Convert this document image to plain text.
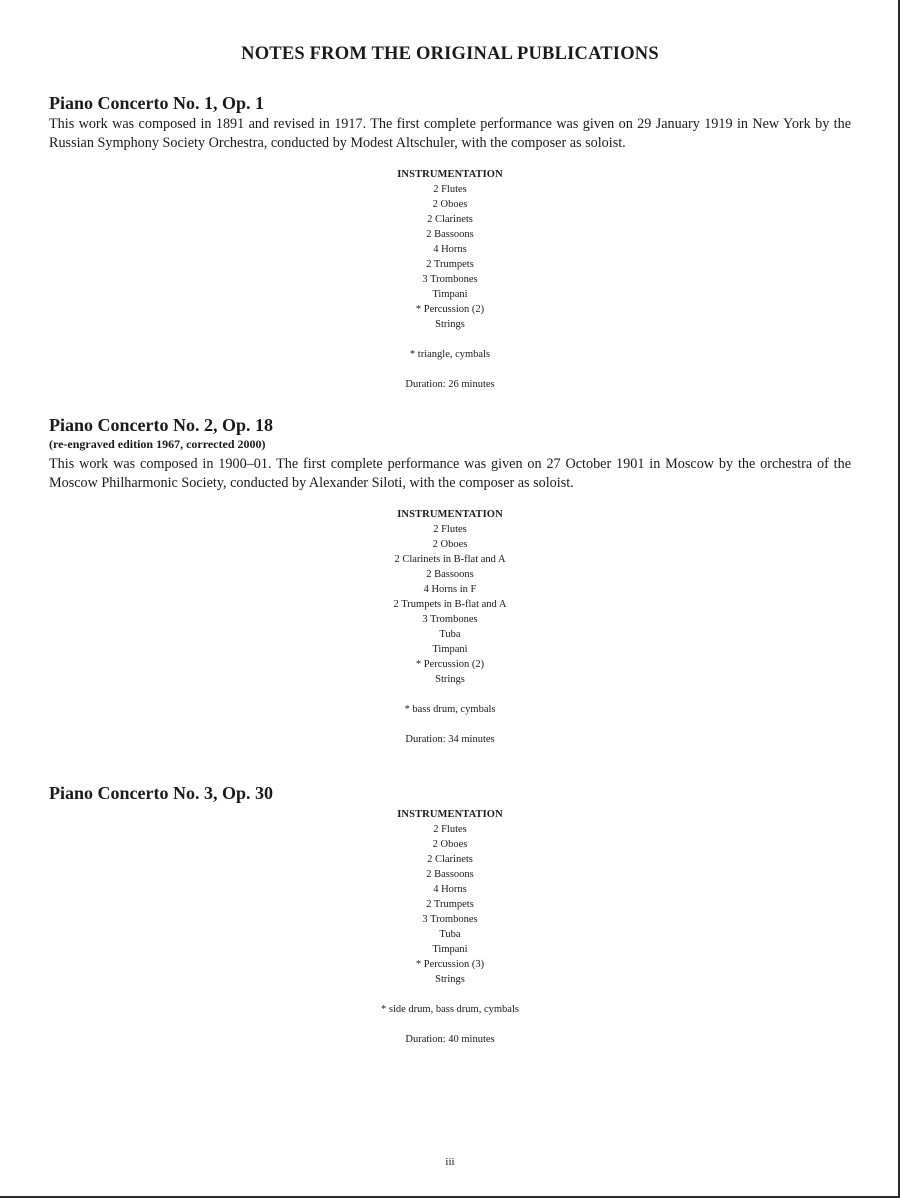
NOTES FROM THE ORIGINAL PUBLICATIONS
Piano Concerto No. 1, Op. 1
This work was composed in 1891 and revised in 1917. The first complete performance was given on 29 January 1919 in New York by the Russian Symphony Society Orchestra, conducted by Modest Altschuler, with the composer as soloist.
INSTRUMENTATION
2 Flutes
2 Oboes
2 Clarinets
2 Bassoons
4 Horns
2 Trumpets
3 Trombones
Timpani
* Percussion (2)
Strings
* triangle, cymbals
Duration: 26 minutes
Piano Concerto No. 2, Op. 18
(re-engraved edition 1967, corrected 2000)
This work was composed in 1900–01. The first complete performance was given on 27 October 1901 in Moscow by the orchestra of the Moscow Philharmonic Society, conducted by Alexander Siloti, with the composer as soloist.
INSTRUMENTATION
2 Flutes
2 Oboes
2 Clarinets in B-flat and A
2 Bassoons
4 Horns in F
2 Trumpets in B-flat and A
3 Trombones
Tuba
Timpani
* Percussion (2)
Strings
* bass drum, cymbals
Duration: 34 minutes
Piano Concerto No. 3, Op. 30
INSTRUMENTATION
2 Flutes
2 Oboes
2 Clarinets
2 Bassoons
4 Horns
2 Trumpets
3 Trombones
Tuba
Timpani
* Percussion (3)
Strings
* side drum, bass drum, cymbals
Duration: 40 minutes
iii
